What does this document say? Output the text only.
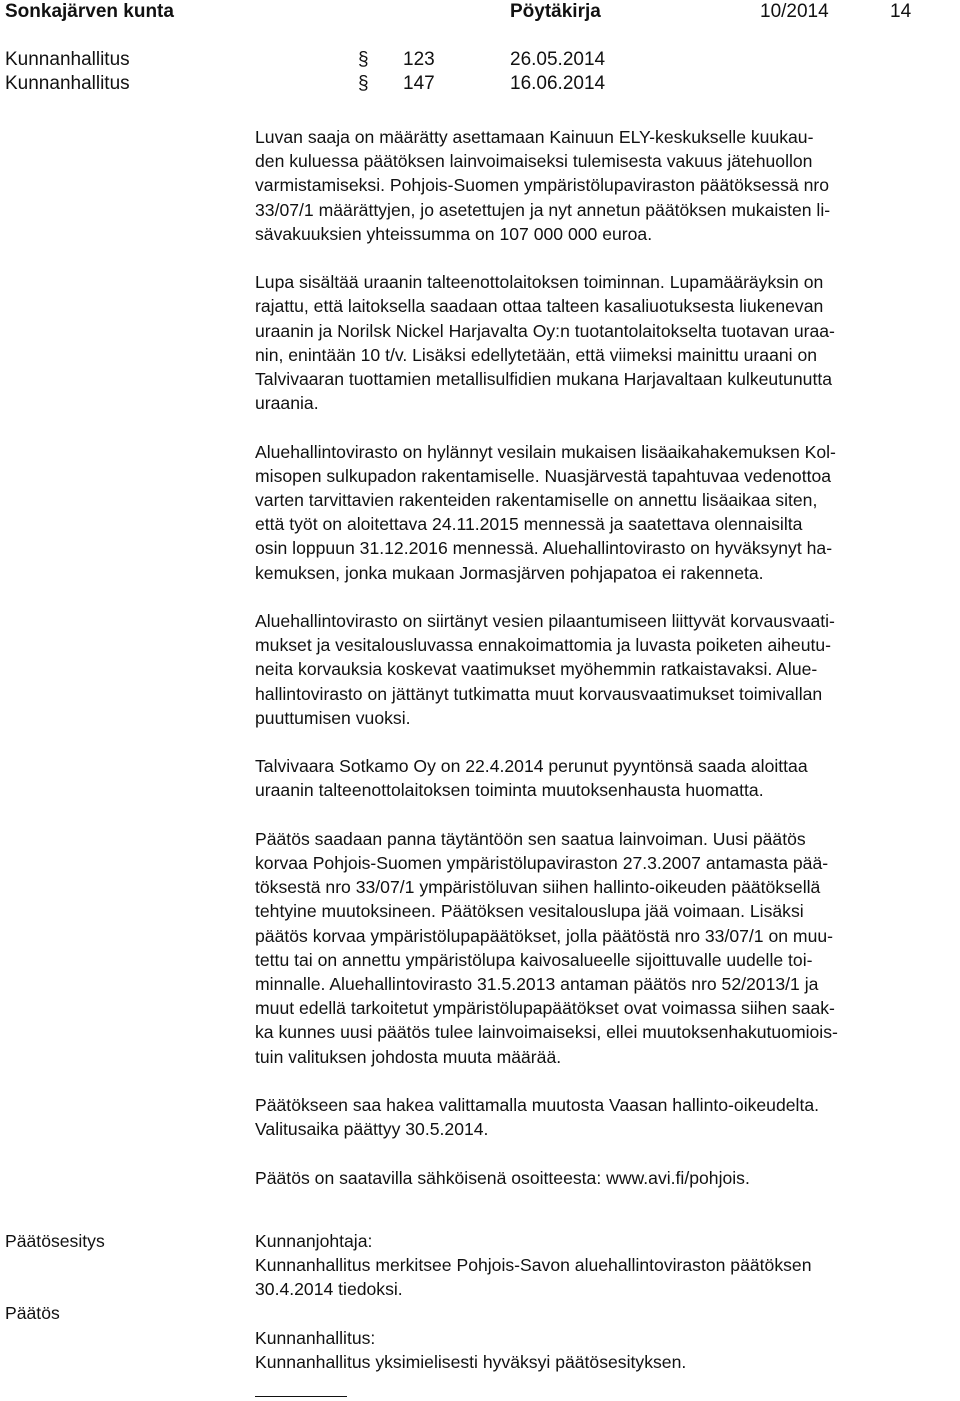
Sonkajärven kunta	Pöytäkirja	10/2014	14
Kunnanhallitus	§ 123	26.05.2014
Kunnanhallitus	§ 147	16.06.2014

Luvan saaja on määrätty asettamaan Kainuun ELY-keskukselle kuukau-
den kuluessa päätöksen lainvoimaiseksi tulemisesta vakuus jätehuollon
varmistamiseksi. Pohjois-Suomen ympäristölupaviraston päätöksessä nro
33/07/1 määrättyjen, jo asetettujen ja nyt annetun päätöksen mukaisten li-
sävakuuksien yhteissumma on 107 000 000 euroa.

Lupa sisältää uraanin talteenottolaitoksen toiminnan. Lupamääräyksin on
rajattu, että laitoksella saadaan ottaa talteen kasaliuotuksesta liukenevan
uraanin ja Norilsk Nickel Harjavalta Oy:n tuotantolaitokselta tuotavan uraa-
nin, enintään 10 t/v. Lisäksi edellytetään, että viimeksi mainittu uraani on
Talvivaaran tuottamien metallisulfidien mukana Harjavaltaan kulkeutunutta
uraania.

Aluehallintovirasto on hylännyt vesilain mukaisen lisäaikahakemuksen Kol-
misopen sulkupadon rakentamiselle. Nuasjärvestä tapahtuvaa vedenottoa
varten tarvittavien rakenteiden rakentamiselle on annettu lisäaikaa siten,
että työt on aloitettava 24.11.2015 mennessä ja saatettava olennaisilta
osin loppuun 31.12.2016 mennessä. Aluehallintovirasto on hyväksynyt ha-
kemuksen, jonka mukaan Jormasjärven pohjapatoa ei rakenneta.

Aluehallintovirasto on siirtänyt vesien pilaantumiseen liittyvät korvausvaati-
mukset ja vesitalousluvassa ennakoimattomia ja luvasta poiketen aiheutu-
neita korvauksia koskevat vaatimukset myöhemmin ratkaistavaksi. Alue-
hallintovirasto on jättänyt tutkimatta muut korvausvaatimukset toimivallan
puuttumisen vuoksi.

Talvivaara Sotkamo Oy on 22.4.2014 perunut pyyntönsä saada aloittaa
uraanin talteenottolaitoksen toiminta muutoksenhausta huomatta.

Päätös saadaan panna täytäntöön sen saatua lainvoiman. Uusi päätös
korvaa Pohjois-Suomen ympäristölupaviraston 27.3.2007 antamasta pää-
töksestä nro 33/07/1 ympäristöluvan siihen hallinto-oikeuden päätöksellä
tehtyine muutoksineen. Päätöksen vesitalouslupa jää voimaan. Lisäksi
päätös korvaa ympäristölupapäätökset, jolla päätöstä nro 33/07/1 on muu-
tettu tai on annettu ympäristölupa kaivosalueelle sijoittuvalle uudelle toi-
minnalle. Aluehallintovirasto 31.5.2013 antaman päätös nro 52/2013/1 ja
muut edellä tarkoitetut ympäristölupapäätökset ovat voimassa siihen saak-
ka kunnes uusi päätös tulee lainvoimaiseksi, ellei muutoksenhakutuomiois-
tuin valituksen johdosta muuta määrää.

Päätökseen saa hakea valittamalla muutosta Vaasan hallinto-oikeudelta.
Valitusaika päättyy 30.5.2014.

Päätös on saatavilla sähköisenä osoitteesta: www.avi.fi/pohjois.

Päätösesitys	Kunnanjohtaja:
Kunnanhallitus merkitsee Pohjois-Savon aluehallintoviraston päätöksen
30.4.2014 tiedoksi.
Päätös
Kunnanhallitus:
Kunnanhallitus yksimielisesti hyväksyi päätösesityksen.
